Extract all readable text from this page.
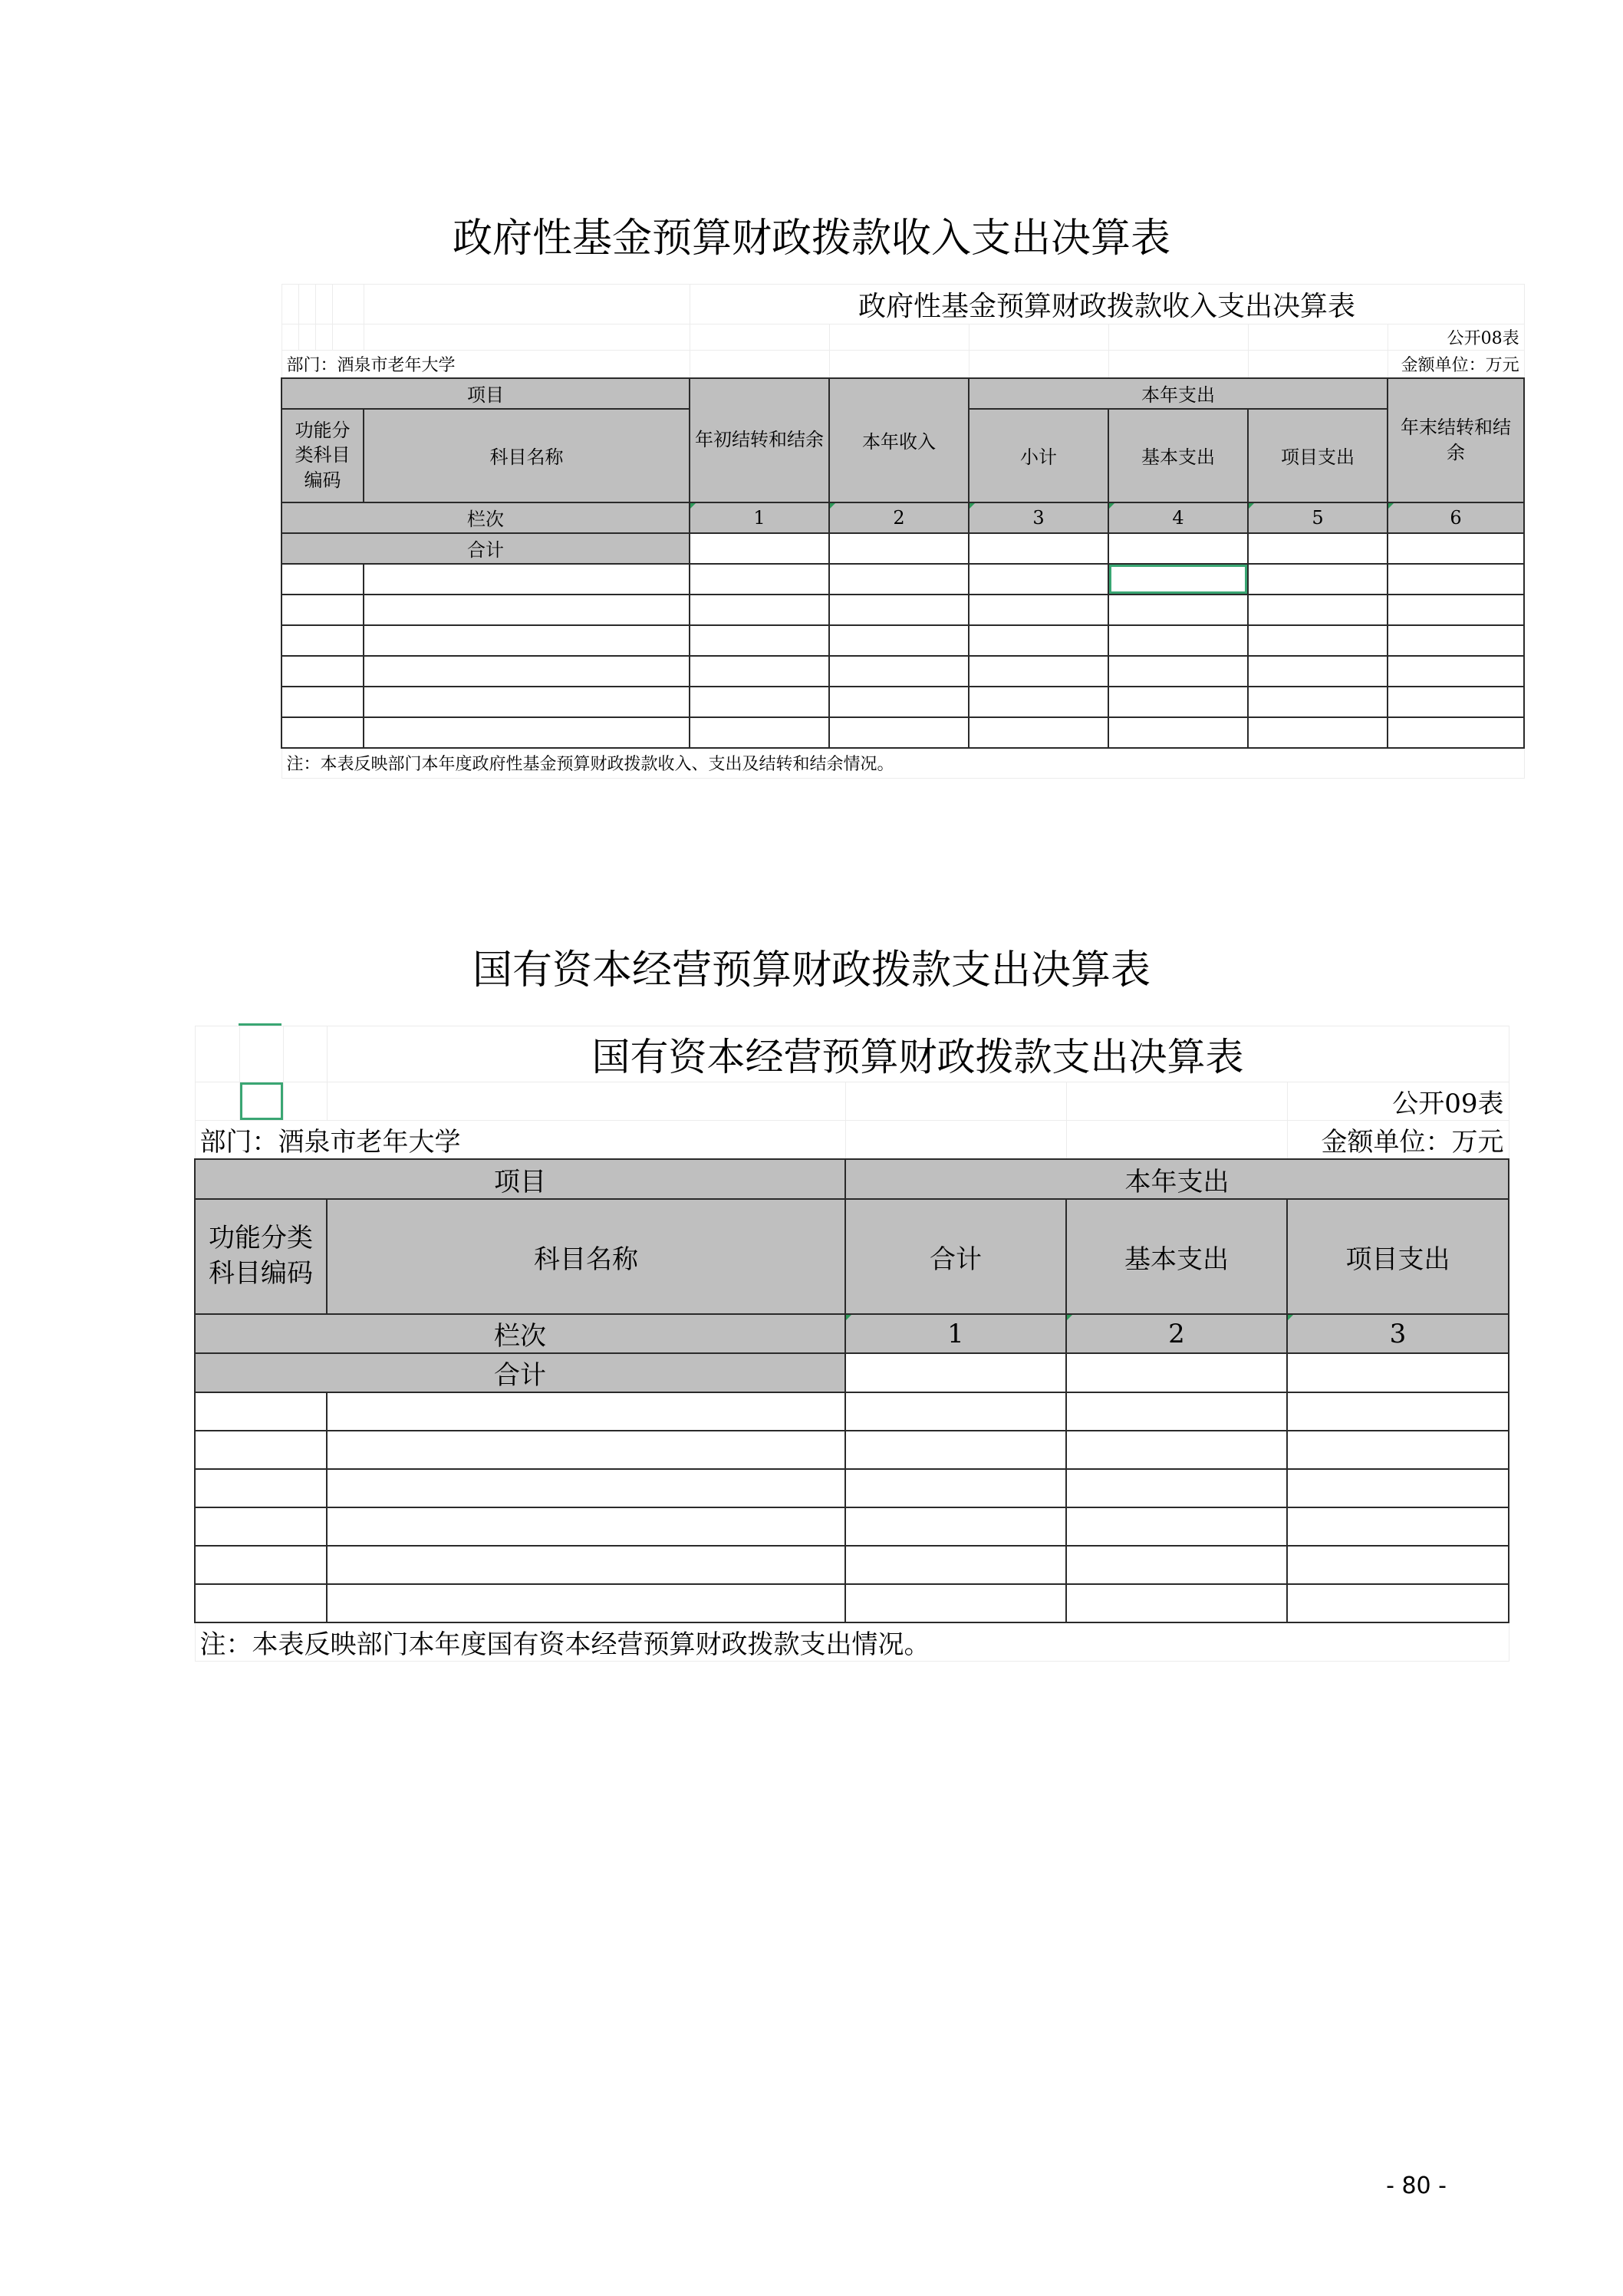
政府性基金预算财政拨款收入支出决算表
					政府性基金预算财政拨款收入支出决算表					
										公开08表
部门：酒泉市老年大学										金额单位：万元
项目					年初结转和结余	本年收入	本年支出			年末结转和结余
功能分类科目编码				科目名称			小计	基本支出	项目支出	
栏次					1	2	3	4	5	6
合计										

注：本表反映部门本年度政府性基金预算财政拨款收入、支出及结转和结余情况。										
国有资本经营预算财政拨款支出决算表
			国有资本经营预算财政拨款支出决算表			
						公开09表
部门：酒泉市老年大学						金额单位：万元
项目				本年支出		
功能分类科目编码			科目名称	合计	基本支出	项目支出
栏次				1	2	3
合计						

注：本表反映部门本年度国有资本经营预算财政拨款支出情况。						
- 80 -
